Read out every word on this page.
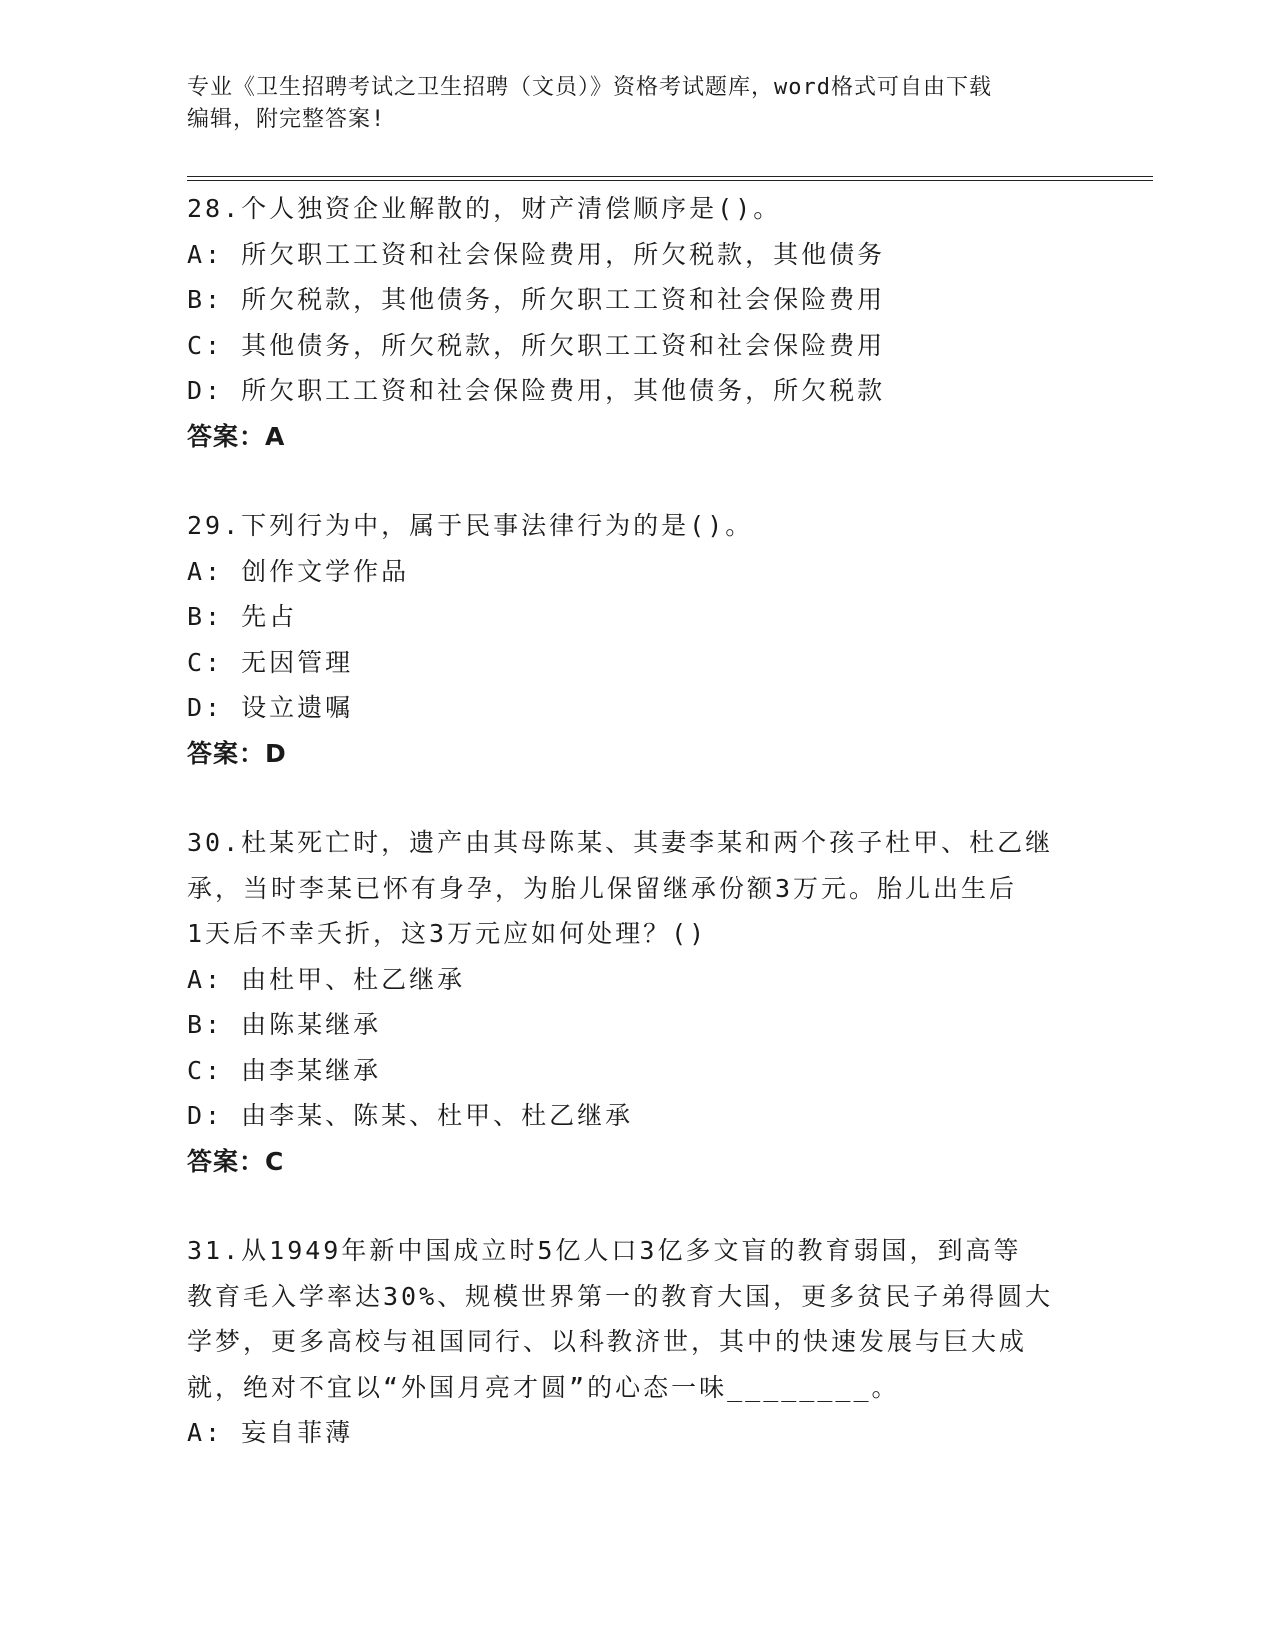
专业《卫生招聘考试之卫生招聘（文员）》资格考试题库，word格式可自由下载
编辑，附完整答案!

28.个人独资企业解散的，财产清偿顺序是()。

A: 所欠职工工资和社会保险费用，所欠税款，其他债务

B: 所欠税款，其他债务，所欠职工工资和社会保险费用

C: 其他债务，所欠税款，所欠职工工资和社会保险费用

D: 所欠职工工资和社会保险费用，其他债务，所欠税款

答案：A

29.下列行为中，属于民事法律行为的是()。

A: 创作文学作品

B: 先占

C: 无因管理

D: 设立遗嘱

答案：D

30.杜某死亡时，遗产由其母陈某、其妻李某和两个孩子杜甲、杜乙继

承，当时李某已怀有身孕，为胎儿保留继承份额3万元。胎儿出生后

1天后不幸夭折，这3万元应如何处理？()

A: 由杜甲、杜乙继承

B: 由陈某继承

C: 由李某继承

D: 由李某、陈某、杜甲、杜乙继承

答案：C

31.从1949年新中国成立时5亿人口3亿多文盲的教育弱国，到高等

教育毛入学率达30%、规模世界第一的教育大国，更多贫民子弟得圆大

学梦，更多高校与祖国同行、以科教济世，其中的快速发展与巨大成

就，绝对不宜以“外国月亮才圆”的心态一味________。

A: 妄自菲薄
